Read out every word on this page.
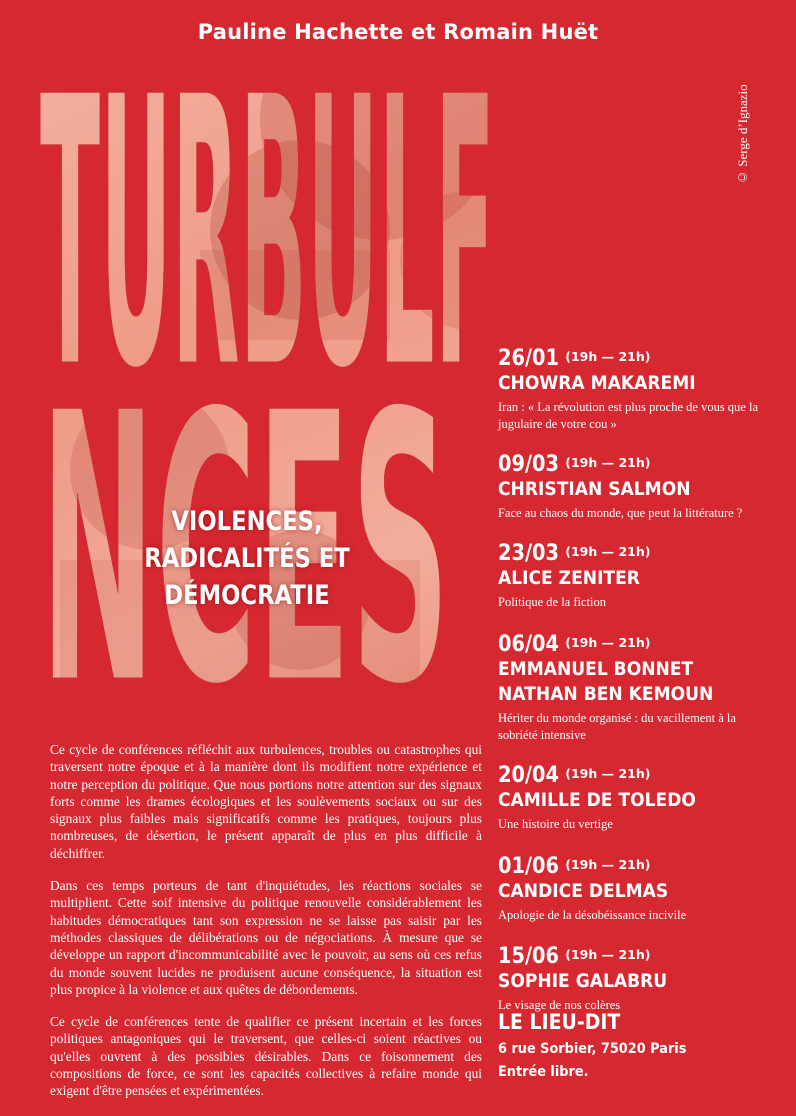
Pauline Hachette et Romain Huët
© Serge d’Ignazio
TURBULF
NCES
VIOLENCES,
RADICALITÉS ET
DÉMOCRATIE

Ce cycle de conférences réfléchit aux turbulences, troubles ou catastrophes qui traversent notre époque et à la manière dont ils modifient notre expérience et notre perception du politique. Que nous portions notre attention sur des signaux forts comme les drames écologiques et les soulèvements sociaux ou sur des signaux plus faibles mais significatifs comme les pratiques, toujours plus nombreuses, de désertion, le présent apparaît de plus en plus difficile à déchiffrer.

Dans ces temps porteurs de tant d'inquiétudes, les réactions sociales se multiplient. Cette soif intensive du politique renouvelle considérablement les habitudes démocratiques tant son expression ne se laisse pas saisir par les méthodes classiques de délibérations ou de négociations. À mesure que se développe un rapport d'incommunicabilité avec le pouvoir, au sens où ces refus du monde souvent lucides ne produisent aucune conséquence, la situation est plus propice à la violence et aux quêtes de débordements.

Ce cycle de conférences tente de qualifier ce présent incertain et les forces politiques antagoniques qui le traversent, que celles-ci soient réactives ou qu'elles ouvrent à des possibles désirables. Dans ce foisonnement des compositions de force, ce sont les capacités collectives à refaire monde qui exigent d'être pensées et expérimentées.

26/01 (19h — 21h)
CHOWRA MAKAREMI
Iran : « La révolution est plus proche de vous que la jugulaire de votre cou »
09/03 (19h — 21h)
CHRISTIAN SALMON
Face au chaos du monde, que peut la littérature ?
23/03 (19h — 21h)
ALICE ZENITER
Politique de la fiction
06/04 (19h — 21h)
EMMANUEL BONNET NATHAN BEN KEMOUN
Hériter du monde organisé : du vacillement à la sobriété intensive
20/04 (19h — 21h)
CAMILLE DE TOLEDO
Une histoire du vertige
01/06 (19h — 21h)
CANDICE DELMAS
Apologie de la désobéissance incivile
15/06 (19h — 21h)
SOPHIE GALABRU
Le visage de nos colères
LE LIEU-DIT
6 rue Sorbier, 75020 Paris
Entrée libre.
